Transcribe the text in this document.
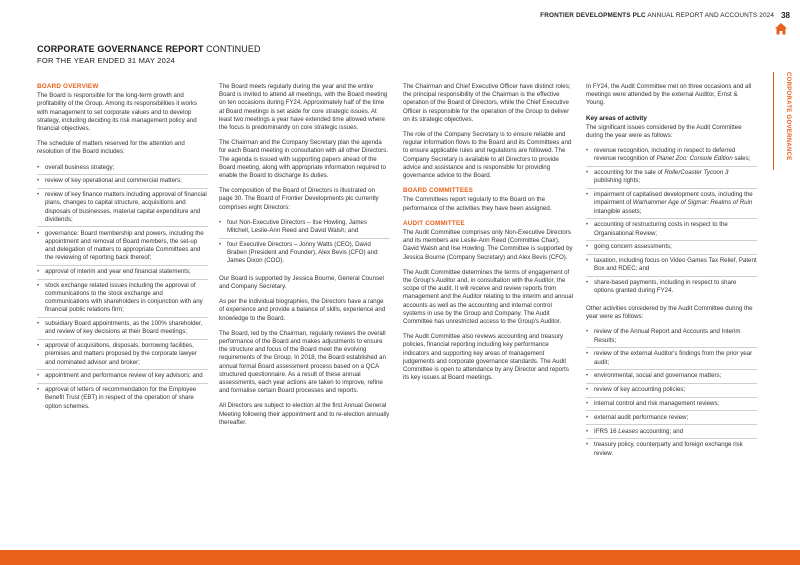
FRONTIER DEVELOPMENTS PLC ANNUAL REPORT AND ACCOUNTS 2024 38
CORPORATE GOVERNANCE REPORT CONTINUED
FOR THE YEAR ENDED 31 MAY 2024
CORPORATE GOVERNANCE
BOARD OVERVIEW

The Board is responsible for the long-term growth and profitability of the Group. Among its responsibilities it works with management to set corporate values and to develop strategy, including deciding its risk management policy and financial objectives.

The schedule of matters reserved for the attention and resolution of the Board includes:

• overall business strategy;
• review of key operational and commercial matters;
• review of key finance matters including approval of financial plans, changes to capital structure, acquisitions and disposals of businesses, material capital expenditure and dividends;
• governance: Board membership and powers, including the appointment and removal of Board members, the set-up and delegation of matters to appropriate Committees and the reviewing of reporting back thereof;
• approval of interim and year end financial statements;
• stock exchange related issues including the approval of communications to the stock exchange and communications with shareholders in conjunction with any financial public relations firm;
• subsidiary Board appointments, as the 100% shareholder, and review of key decisions at their Board meetings;
• approval of acquisitions, disposals, borrowing facilities, premises and matters proposed by the corporate lawyer and nominated advisor and broker;
• appointment and performance review of key advisors; and
• approval of letters of recommendation for the Employee Benefit Trust (EBT) in respect of the operation of share option schemes.

The Board meets regularly during the year and the entire Board is invited to attend all meetings, with the Board meeting on ten occasions during FY24. Approximately half of the time at Board meetings is set aside for core strategic issues. At least two meetings a year have extended time allowed where the focus is predominantly on core strategic issues.

The Chairman and the Company Secretary plan the agenda for each Board meeting in consultation with all other Directors. The agenda is issued with supporting papers ahead of the Board meeting, along with appropriate information required to enable the Board to discharge its duties.

The composition of the Board of Directors is illustrated on page 30. The Board of Frontier Developments plc currently comprises eight Directors:

• four Non-Executive Directors – Ilse Howling, James Mitchell, Leslie-Ann Reed and David Walsh; and
• four Executive Directors – Jonny Watts (CEO), David Braben (President and Founder), Alex Bevis (CFO) and James Dixon (COO).

Our Board is supported by Jessica Bourne, General Counsel and Company Secretary.

As per the individual biographies, the Directors have a range of experience and provide a balance of skills, experience and knowledge to the Board.

The Board, led by the Chairman, regularly reviews the overall performance of the Board and makes adjustments to ensure the structure and focus of the Board meet the evolving requirements of the Group. In 2018, the Board established an annual formal Board assessment process based on a QCA structured questionnaire. As a result of these annual assessments, each year actions are taken to improve, refine and formalise certain Board processes and reports.

All Directors are subject to election at the first Annual General Meeting following their appointment and to re-election annually thereafter.

The Chairman and Chief Executive Officer have distinct roles; the principal responsibility of the Chairman is the effective operation of the Board of Directors, while the Chief Executive Officer is responsible for the operation of the Group to deliver on its strategic objectives.

The role of the Company Secretary is to ensure reliable and regular information flows to the Board and its Committees and to ensure applicable rules and regulations are followed. The Company Secretary is available to all Directors to provide advice and assistance and is responsible for providing governance advice to the Board.

BOARD COMMITTEES

The Committees report regularly to the Board on the performance of the activities they have been assigned.

AUDIT COMMITTEE

The Audit Committee comprises only Non-Executive Directors and its members are Leslie-Ann Reed (Committee Chair), David Walsh and Ilse Howling. The Committee is supported by Jessica Bourne (Company Secretary) and Alex Bevis (CFO).

The Audit Committee determines the terms of engagement of the Group's Auditor and, in consultation with the Auditor, the scope of the audit. It will receive and review reports from management and the Auditor relating to the interim and annual accounts as well as the accounting and internal control systems in use by the Group and Company. The Audit Committee has unrestricted access to the Group's Auditor.

The Audit Committee also reviews accounting and treasury policies, financial reporting including key performance indicators and supporting key areas of management judgements and corporate governance standards. The Audit Committee is open to attendance by any Director and reports its key issues at Board meetings.

In FY24, the Audit Committee met on three occasions and all meetings were attended by the external Auditor, Ernst & Young.

Key areas of activity

The significant issues considered by the Audit Committee during the year were as follows:

• revenue recognition, including in respect to deferred revenue recognition of Planet Zoo: Console Edition sales;
• accounting for the sale of RollerCoaster Tycoon 3 publishing rights;
• impairment of capitalised development costs, including the impairment of Warhammer Age of Sigmar: Realms of Ruin intangible assets;
• accounting of restructuring costs in respect to the Organisational Review;
• going concern assessments;
• taxation, including focus on Video Games Tax Relief, Patent Box and RDEC; and
• share-based payments, including in respect to share options granted during FY24.

Other activities considered by the Audit Committee during the year were as follows:

• review of the Annual Report and Accounts and Interim Results;
• review of the external Auditor's findings from the prior year audit;
• environmental, social and governance matters;
• review of key accounting policies;
• internal control and risk management reviews;
• external audit performance review;
• IFRS 16 Leases accounting; and
• treasury policy, counterparty and foreign exchange risk review.
